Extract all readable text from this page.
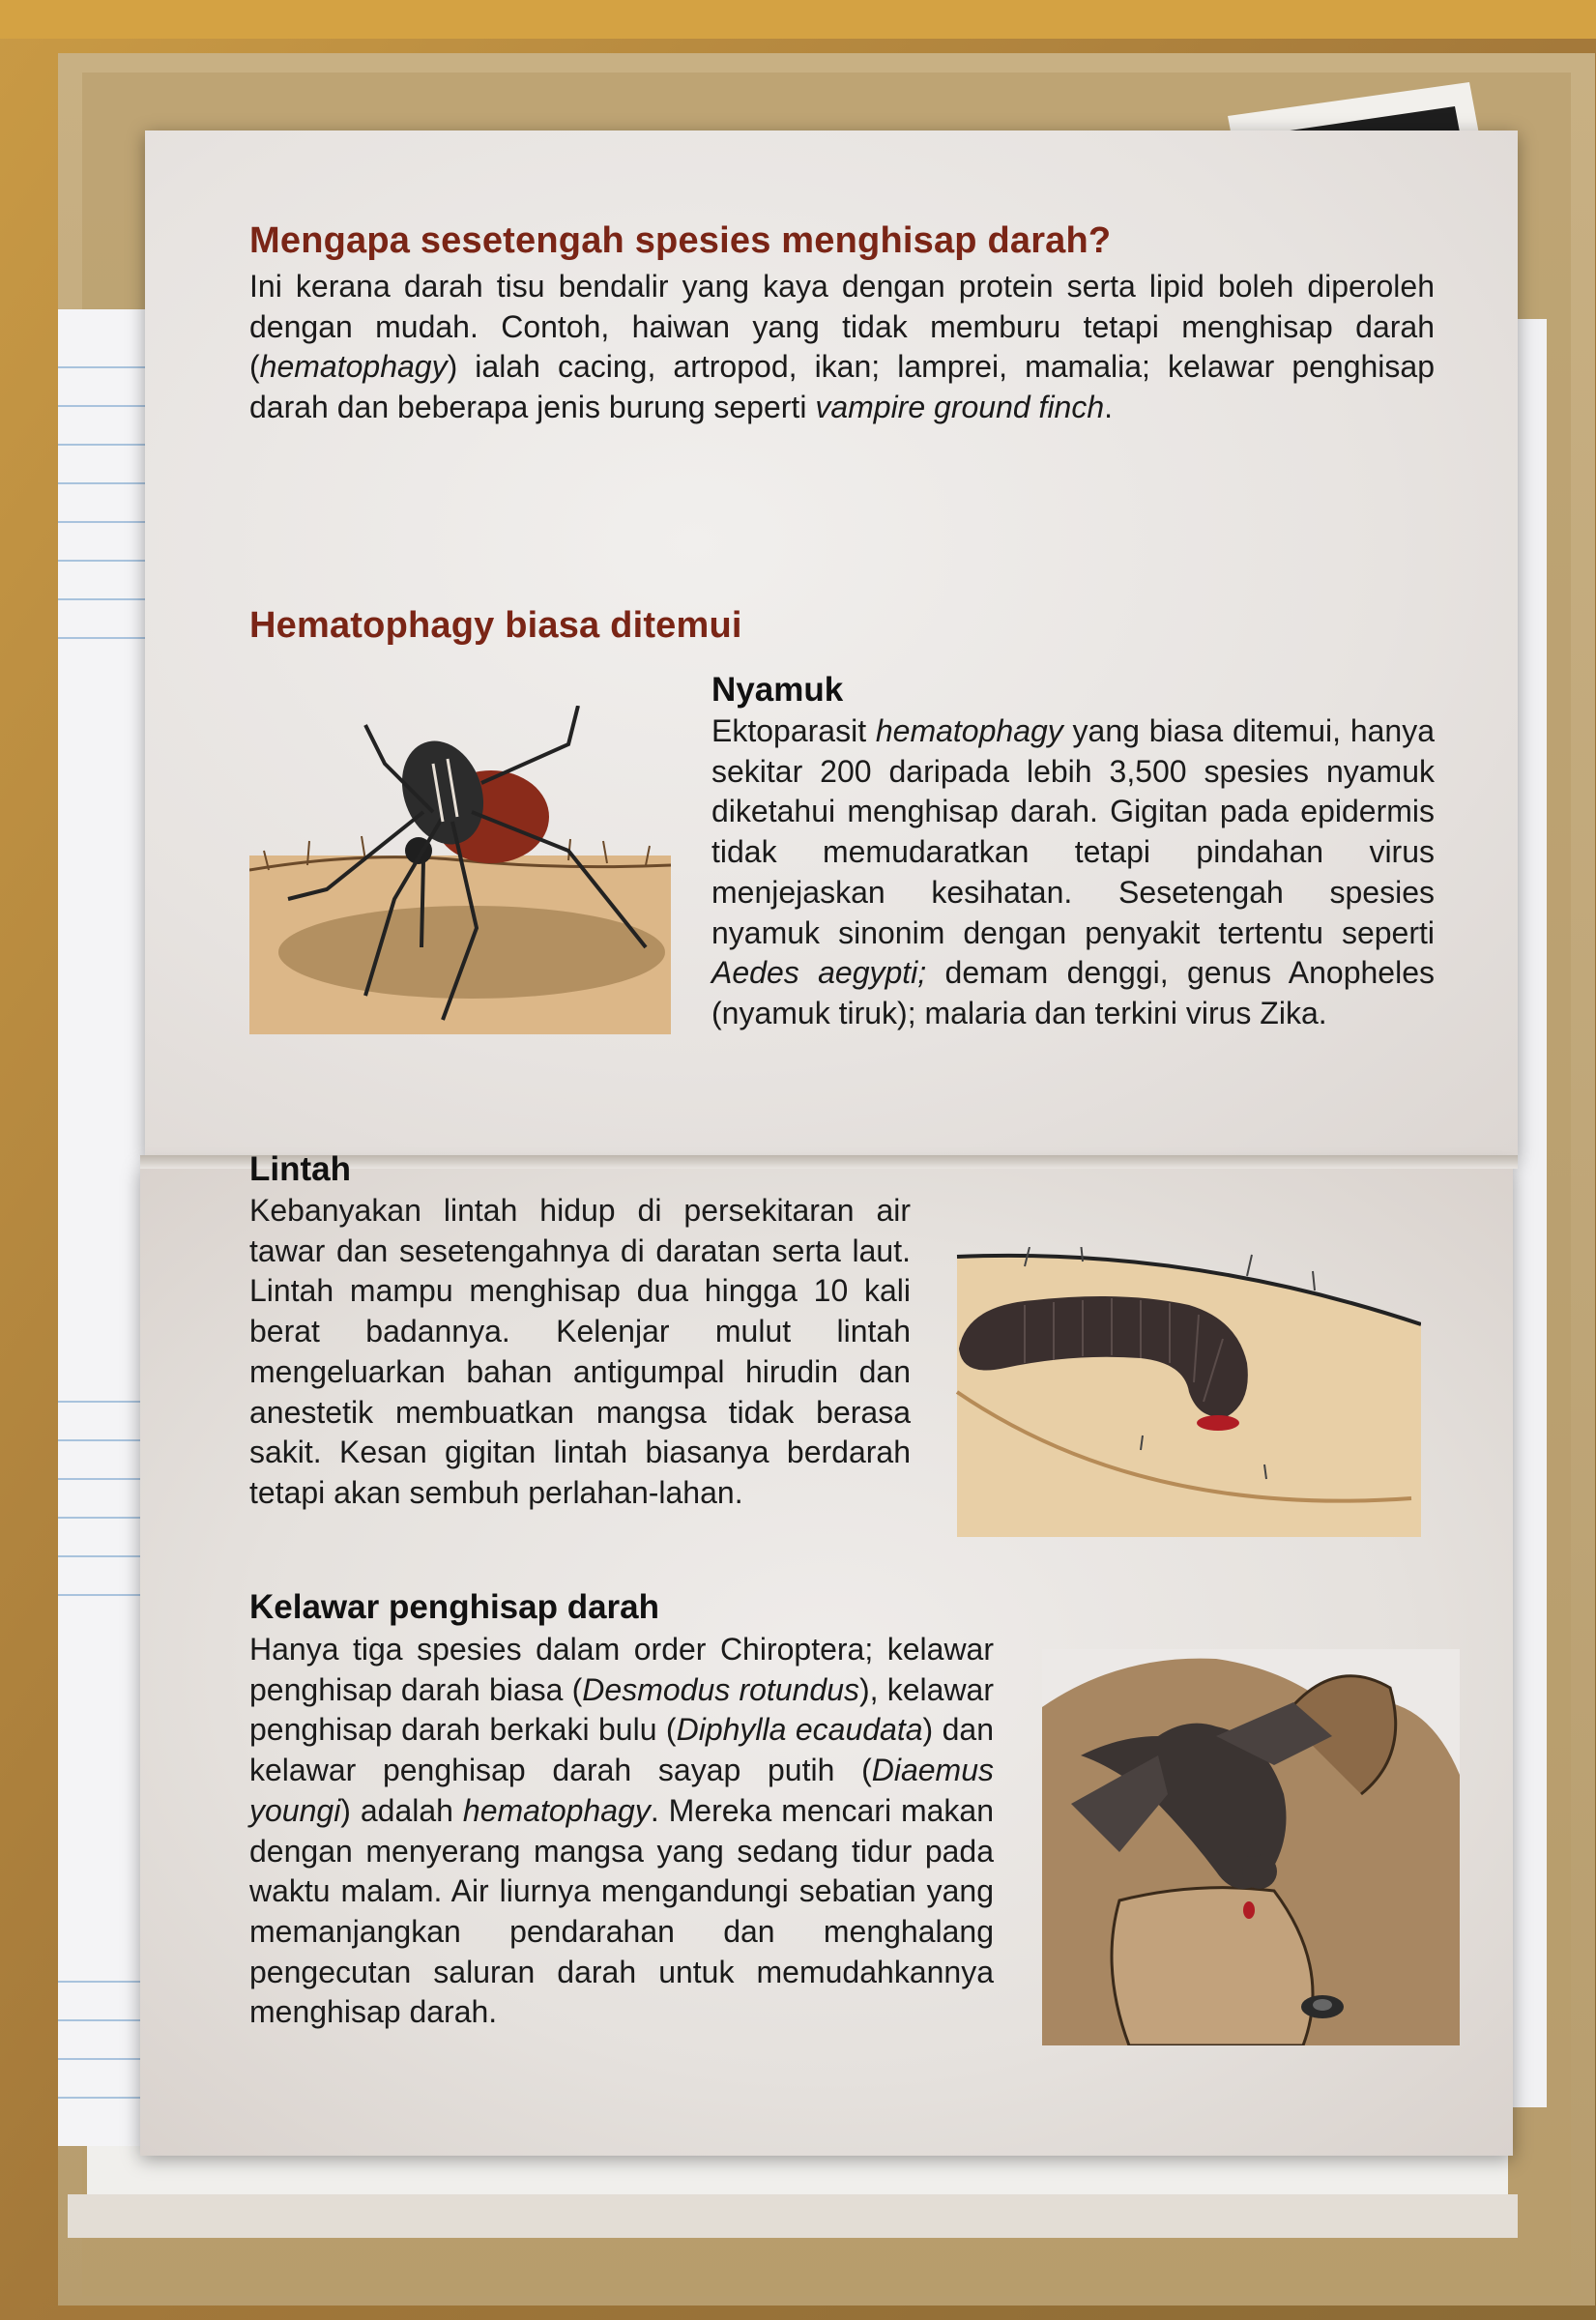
Mengapa sesetengah spesies menghisap darah?

Ini kerana darah tisu bendalir yang kaya dengan protein serta lipid boleh diperoleh dengan mudah. Contoh, haiwan yang tidak memburu tetapi menghisap darah (hematophagy) ialah cacing, artropod, ikan; lamprei, mamalia; kelawar penghisap darah dan beberapa jenis burung seperti vampire ground finch.

Hematophagy biasa ditemui
Nyamuk

Ektoparasit hematophagy yang biasa ditemui, hanya sekitar 200 daripada lebih 3,500 spesies nyamuk diketahui menghisap darah. Gigitan pada epidermis tidak memudaratkan tetapi pindahan virus menjejaskan kesihatan. Sesetengah spesies nyamuk sinonim dengan penyakit tertentu seperti Aedes aegypti; demam denggi, genus Anopheles (nyamuk tiruk); malaria dan terkini virus Zika.

Lintah

Kebanyakan lintah hidup di persekitaran air tawar dan sesetengahnya di daratan serta laut. Lintah mampu menghisap dua hingga 10 kali berat badannya. Kelenjar mulut lintah mengeluarkan bahan antigumpal hirudin dan anestetik membuatkan mangsa tidak berasa sakit. Kesan gigitan lintah biasanya berdarah tetapi akan sembuh perlahan-lahan.

Kelawar penghisap darah

Hanya tiga spesies dalam order Chiroptera; kelawar penghisap darah biasa (Desmodus rotundus), kelawar penghisap darah berkaki bulu (Diphylla ecaudata) dan kelawar penghisap darah sayap putih (Diaemus youngi) adalah hematophagy. Mereka mencari makan dengan menyerang mangsa yang sedang tidur pada waktu malam. Air liurnya mengandungi sebatian yang memanjangkan pendarahan dan menghalang pengecutan saluran darah untuk memudahkannya menghisap darah.
